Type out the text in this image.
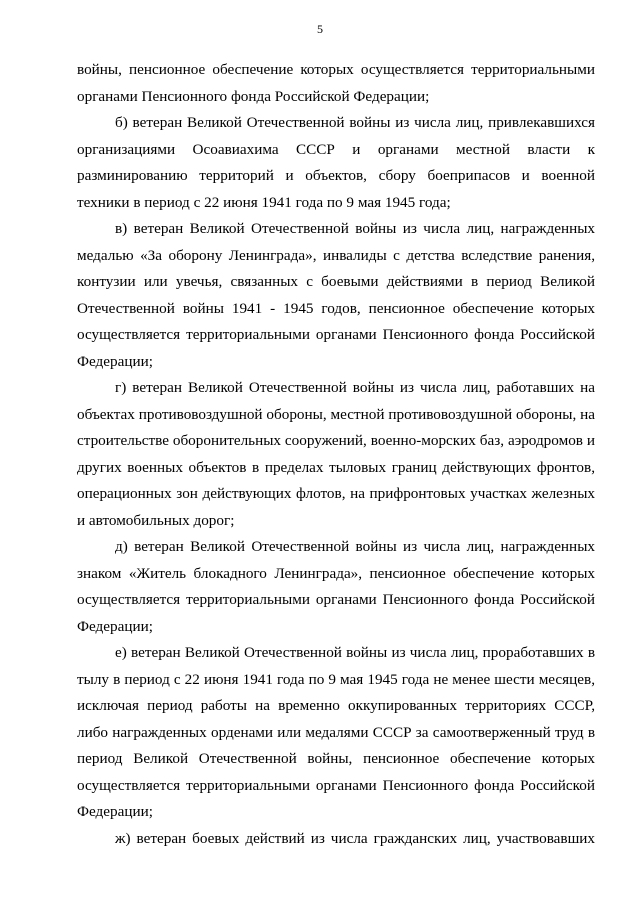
5

войны, пенсионное обеспечение которых осуществляется территориальными органами Пенсионного фонда Российской Федерации;

б) ветеран Великой Отечественной войны из числа лиц, привлекавшихся организациями Осоавиахима СССР и органами местной власти к разминированию территорий и объектов, сбору боеприпасов и военной техники в период с 22 июня 1941 года по 9 мая 1945 года;

в) ветеран Великой Отечественной войны из числа лиц, награжденных медалью «За оборону Ленинграда», инвалиды с детства вследствие ранения, контузии или увечья, связанных с боевыми действиями в период Великой Отечественной войны 1941 - 1945 годов, пенсионное обеспечение которых осуществляется территориальными органами Пенсионного фонда Российской Федерации;

г) ветеран Великой Отечественной войны из числа лиц, работавших на объектах противовоздушной обороны, местной противовоздушной обороны, на строительстве оборонительных сооружений, военно-морских баз, аэродромов и других военных объектов в пределах тыловых границ действующих фронтов, операционных зон действующих флотов, на прифронтовых участках железных и автомобильных дорог;

д) ветеран Великой Отечественной войны из числа лиц, награжденных знаком «Житель блокадного Ленинграда», пенсионное обеспечение которых осуществляется территориальными органами Пенсионного фонда Российской Федерации;

е) ветеран Великой Отечественной войны из числа лиц, проработавших в тылу в период с 22 июня 1941 года по 9 мая 1945 года не менее шести месяцев, исключая период работы на временно оккупированных территориях СССР, либо награжденных орденами или медалями СССР за самоотверженный труд в период Великой Отечественной войны, пенсионное обеспечение которых осуществляется территориальными органами Пенсионного фонда Российской Федерации;

ж) ветеран боевых действий из числа гражданских лиц, участвовавших
